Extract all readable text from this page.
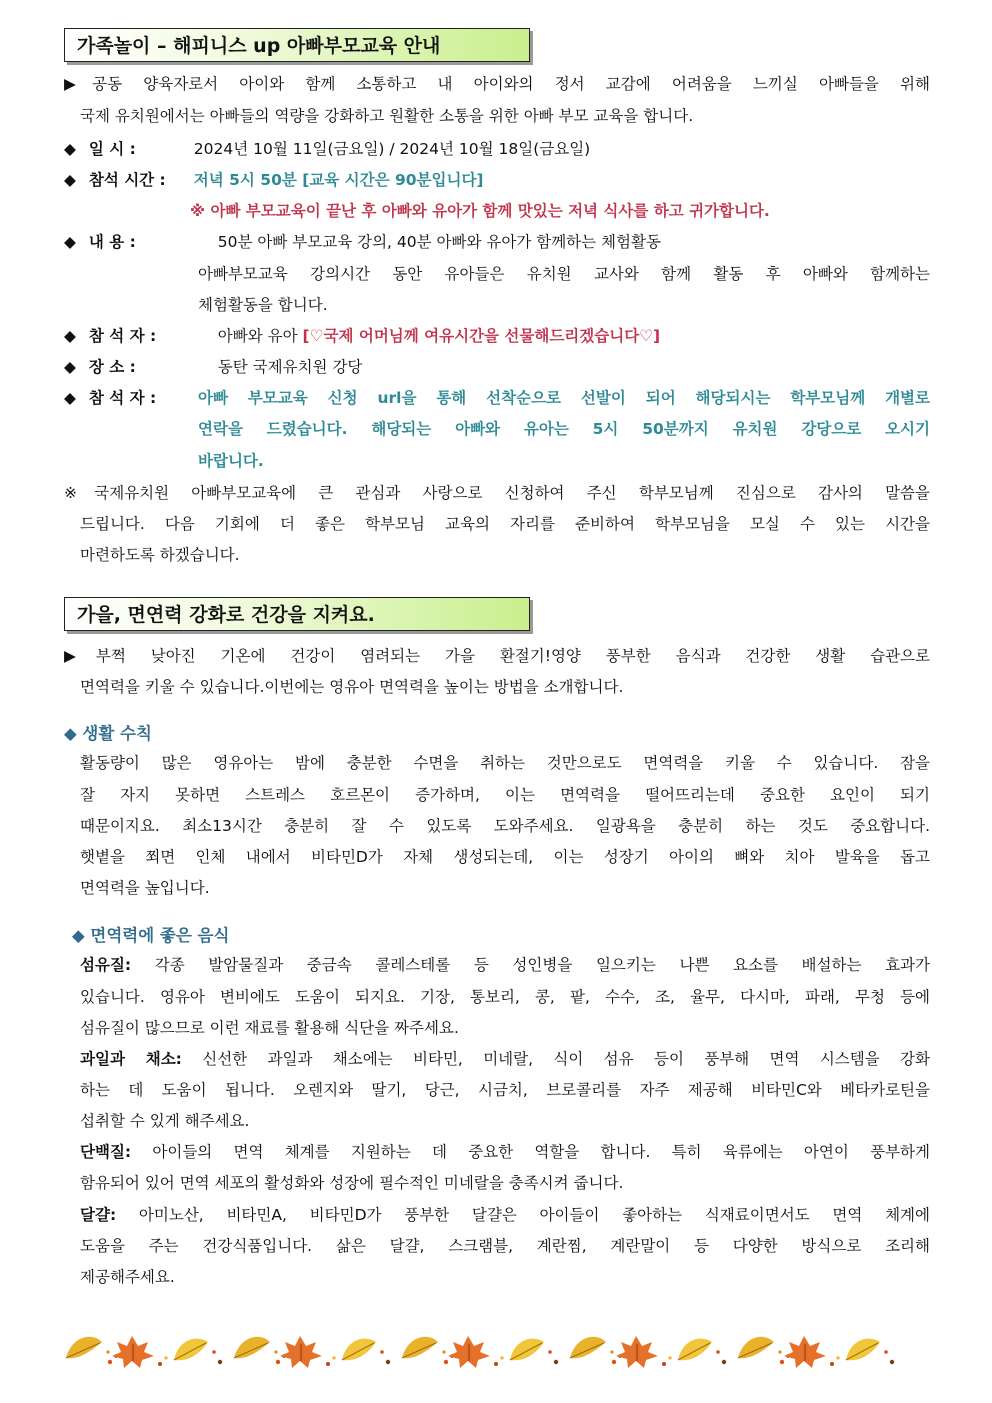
가족놀이 – 해피니스 up 아빠부모교육 안내
▶공동 양육자로서 아이와 함께 소통하고 내 아이와의 정서 교감에 어려움을 느끼실 아빠들을 위해
국제 유치원에서는 아빠들의 역량을 강화하고 원활한 소통을 위한 아빠 부모 교육을 합니다.
◆ 일 시 :	2024년 10월 11일(금요일) / 2024년 10월 18일(금요일)
◆ 참석 시간 : 저녁 5시 50분 [교육 시간은 90분입니다]
※ 아빠 부모교육이 끝난 후 아빠와 유아가 함께 맛있는 저녁 식사를 하고 귀가합니다.
◆ 내 용 :	50분 아빠 부모교육 강의, 40분 아빠와 유아가 함께하는 체험활동
아빠부모교육 강의시간 동안 유아들은 유치원 교사와 함께 활동 후 아빠와 함께하는
체험활동을 합니다.
◆ 참 석 자 :	아빠와 유아 [♡국제 어머님께 여유시간을 선물해드리겠습니다♡]
◆ 장 소 :	동탄 국제유치원 강당
◆ 참 석 자 :	아빠 부모교육 신청 url을 통해 선착순으로 선발이 되어 해당되시는 학부모님께 개별로
연락을 드렸습니다. 해당되는 아빠와 유아는 5시 50분까지 유치원 강당으로 오시기
바랍니다.
※국제유치원 아빠부모교육에 큰 관심과 사랑으로 신청하여 주신 학부모님께 진심으로 감사의 말씀을
드립니다. 다음 기회에 더 좋은 학부모님 교육의 자리를 준비하여 학부모님을 모실 수 있는 시간을
마련하도록 하겠습니다.
가을, 면연력 강화로 건강을 지켜요.
▶부쩍 낮아진 기온에 건강이 염려되는 가을 환절기!영양 풍부한 음식과 건강한 생활 습관으로
면역력을 키울 수 있습니다.이번에는 영유아 면역력을 높이는 방법을 소개합니다.
◆ 생활 수칙
활동량이 많은 영유아는 밤에 충분한 수면을 취하는 것만으로도 면역력을 키울 수 있습니다. 잠을
잘 자지 못하면 스트레스 호르몬이 증가하며, 이는 면역력을 떨어뜨리는데 중요한 요인이 되기
때문이지요. 최소13시간 충분히 잘 수 있도록 도와주세요. 일광욕을 충분히 하는 것도 중요합니다.
햇볕을 쬐면 인체 내에서 비타민D가 자체 생성되는데, 이는 성장기 아이의 뼈와 치아 발육을 돕고
면역력을 높입니다.
◆ 면역력에 좋은 음식
섬유질: 각종 발암물질과 중금속 콜레스테롤 등 성인병을 일으키는 나쁜 요소를 배설하는 효과가
있습니다. 영유아 변비에도 도움이 되지요. 기장, 통보리, 콩, 팥, 수수, 조, 율무, 다시마, 파래, 무청 등에
섬유질이 많으므로 이런 재료를 활용해 식단을 짜주세요.
과일과 채소: 신선한 과일과 채소에는 비타민, 미네랄, 식이 섬유 등이 풍부해 면역 시스템을 강화
하는 데 도움이 됩니다. 오렌지와 딸기, 당근, 시금치, 브로콜리를 자주 제공해 비타민C와 베타카로틴을
섭취할 수 있게 해주세요.
단백질: 아이들의 면역 체계를 지원하는 데 중요한 역할을 합니다. 특히 육류에는 아연이 풍부하게
함유되어 있어 면역 세포의 활성화와 성장에 필수적인 미네랄을 충족시켜 줍니다.
달걀: 아미노산, 비타민A, 비타민D가 풍부한 달걀은 아이들이 좋아하는 식재료이면서도 면역 체계에
도움을 주는 건강식품입니다. 삶은 달걀, 스크램블, 계란찜, 계란말이 등 다양한 방식으로 조리해
제공해주세요.
